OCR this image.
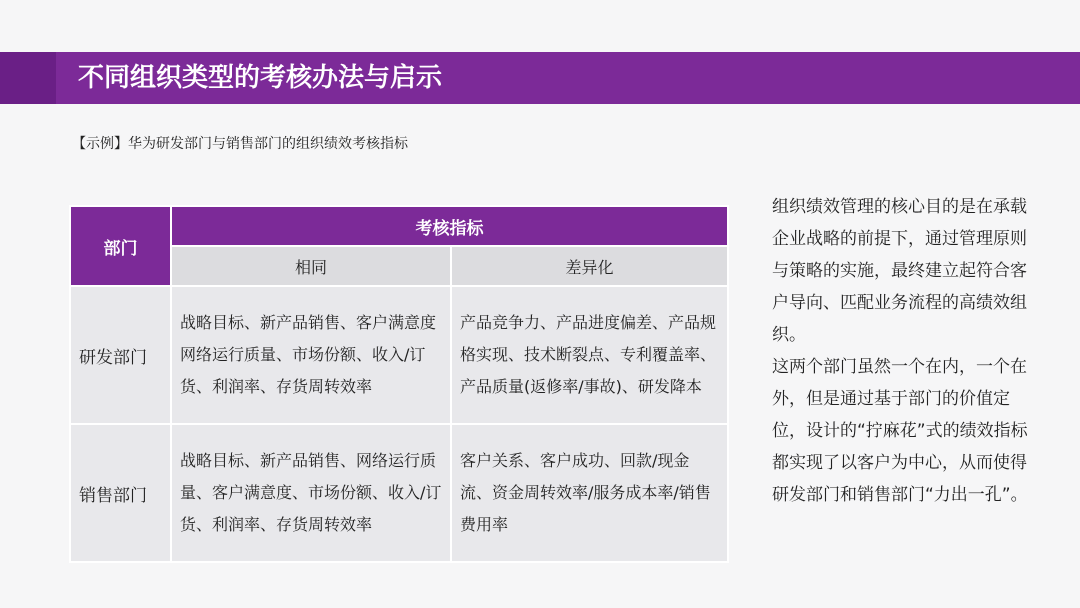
不同组织类型的考核办法与启示
【示例】华为研发部门与销售部门的组织绩效考核指标
部门	考核指标	
	相同	差异化
研发部门	战略目标、新产品销售、客户满意度网络运行质量、市场份额、收入/订货、利润率、存货周转效率	产品竞争力、产品进度偏差、产品规格实现、技术断裂点、专利覆盖率、产品质量(返修率/事故)、研发降本
销售部门	战略目标、新产品销售、网络运行质量、客户满意度、市场份额、收入/订货、利润率、存货周转效率	客户关系、客户成功、回款/现金流、资金周转效率/服务成本率/销售费用率

组织绩效管理的核心目的是在承载企业战略的前提下，通过管理原则与策略的实施，最终建立起符合客户导向、匹配业务流程的高绩效组织。

这两个部门虽然一个在内，一个在外，但是通过基于部门的价值定位，设计的“拧麻花”式的绩效指标都实现了以客户为中心，从而使得研发部门和销售部门“力出一孔”。
